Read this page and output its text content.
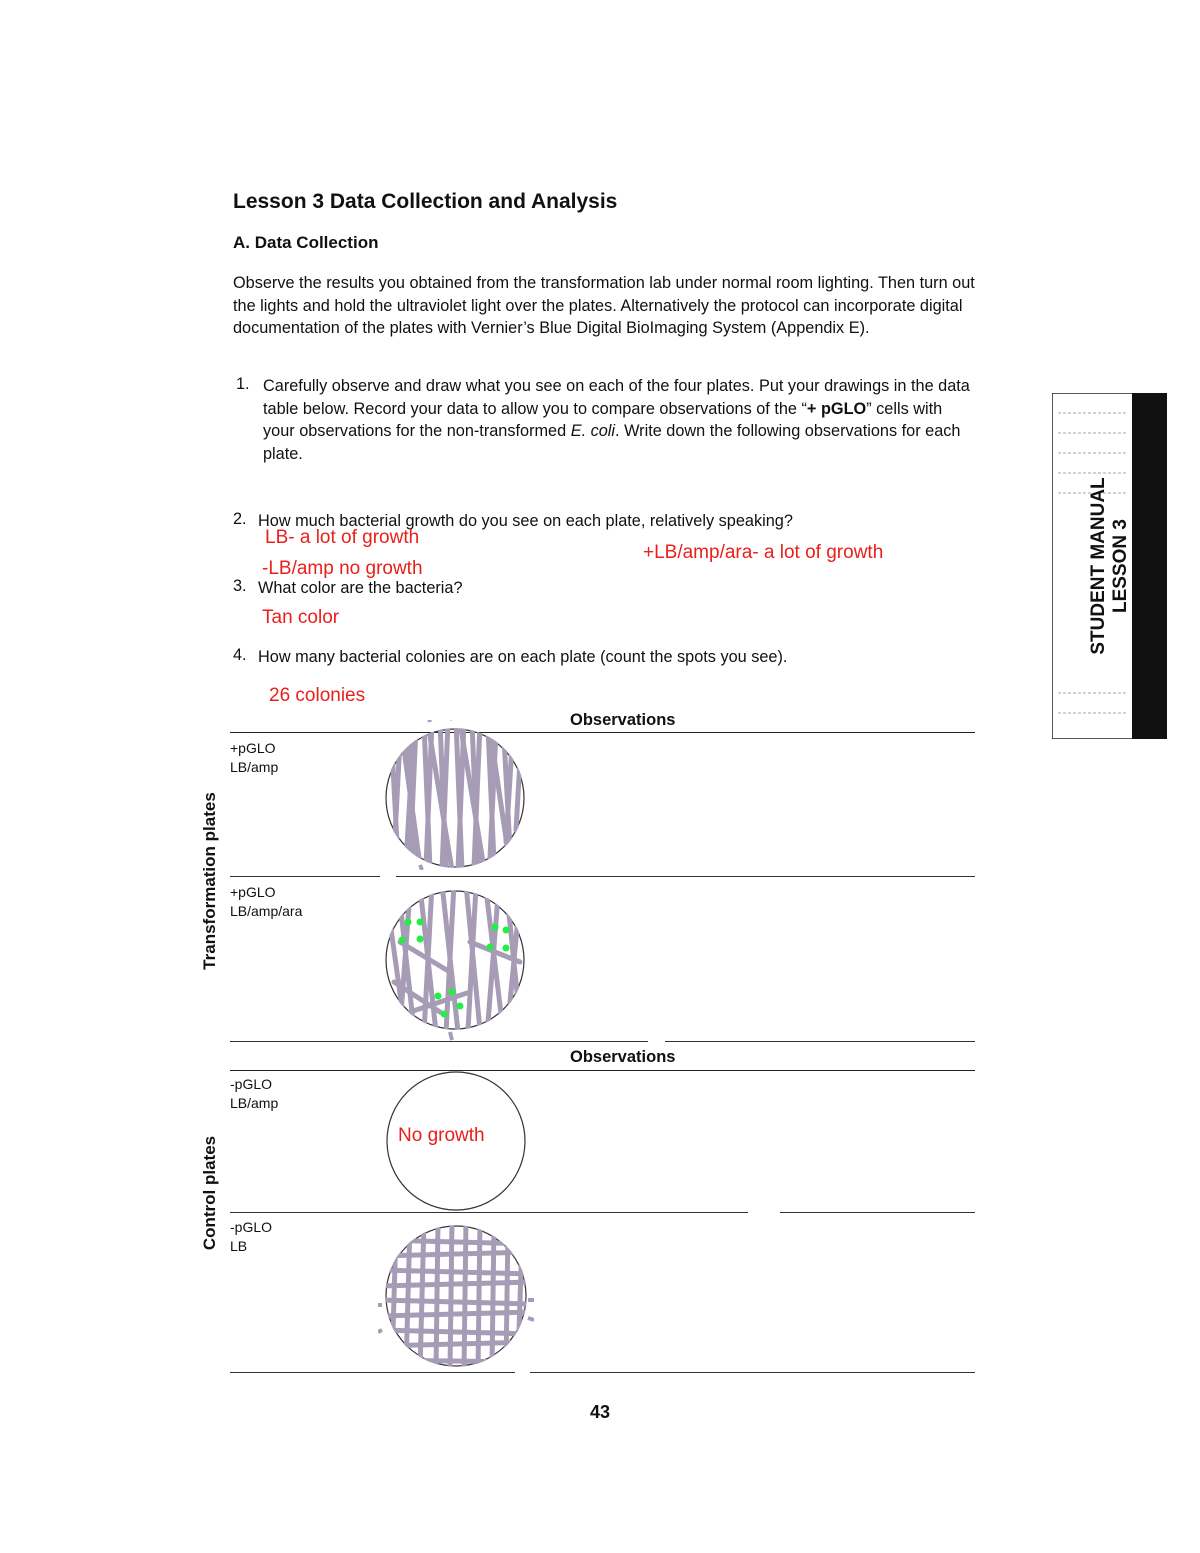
Lesson 3 Data Collection and Analysis
A. Data Collection
Observe the results you obtained from the transformation lab under normal room lighting. Then turn out the lights and hold the ultraviolet light over the plates. Alternatively the protocol can incorporate digital documentation of the plates with Vernier’s Blue Digital BioImaging System (Appendix E).
1. Carefully observe and draw what you see on each of the four plates. Put your drawings in the data table below. Record your data to allow you to compare observations of the “+ pGLO” cells with your observations for the non-transformed E. coli. Write down the following observations for each plate.
2. How much bacterial growth do you see on each plate, relatively speaking?
LB- a lot of growth
+LB/amp/ara- a lot of growth
-LB/amp no growth
3. What color are the bacteria?
Tan color
4. How many bacterial colonies are on each plate (count the spots you see).
26 colonies
Observations
+pGLO
LB/amp
+pGLO
LB/amp/ara
Transformation plates
Observations
-pGLO
LB/amp
-pGLO
LB
Control plates
No growth
STUDENT MANUAL LESSON 3
43
